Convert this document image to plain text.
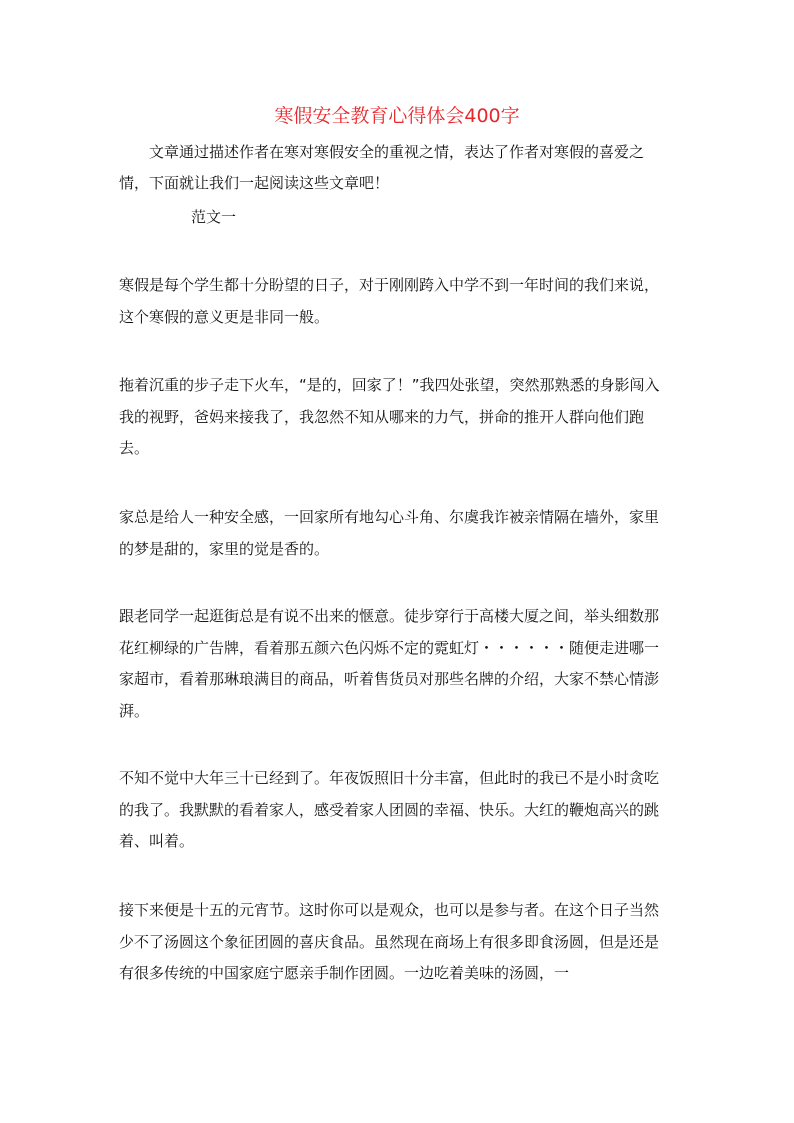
寒假安全教育心得体会400字

文章通过描述作者在寒对寒假安全的重视之情，表达了作者对寒假的喜爱之情，下面就让我们一起阅读这些文章吧！

范文一

寒假是每个学生都十分盼望的日子，对于刚刚跨入中学不到一年时间的我们来说，这个寒假的意义更是非同一般。

拖着沉重的步子走下火车，“是的，回家了！”我四处张望，突然那熟悉的身影闯入我的视野，爸妈来接我了，我忽然不知从哪来的力气，拼命的推开人群向他们跑去。

家总是给人一种安全感，一回家所有地勾心斗角、尔虞我诈被亲情隔在墙外，家里的梦是甜的，家里的觉是香的。

跟老同学一起逛街总是有说不出来的惬意。徒步穿行于高楼大厦之间，举头细数那花红柳绿的广告牌，看着那五颜六色闪烁不定的霓虹灯・・・・・・随便走进哪一家超市，看着那琳琅满目的商品，听着售货员对那些名牌的介绍，大家不禁心情澎湃。

不知不觉中大年三十已经到了。年夜饭照旧十分丰富，但此时的我已不是小时贪吃的我了。我默默的看着家人，感受着家人团圆的幸福、快乐。大红的鞭炮高兴的跳着、叫着。

接下来便是十五的元宵节。这时你可以是观众，也可以是参与者。在这个日子当然少不了汤圆这个象征团圆的喜庆食品。虽然现在商场上有很多即食汤圆，但是还是有很多传统的中国家庭宁愿亲手制作团圆。一边吃着美味的汤圆，一
